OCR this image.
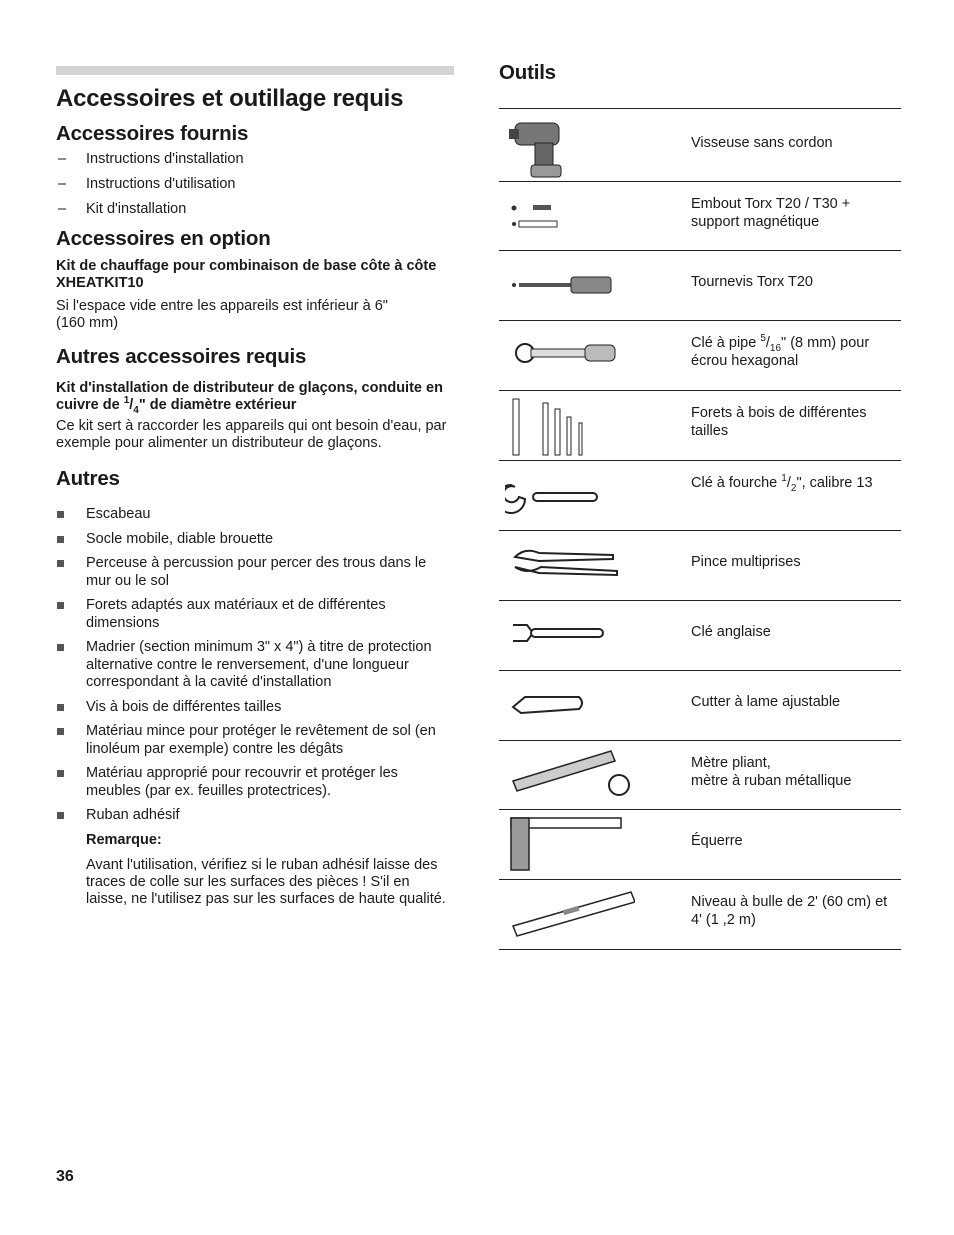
Accessoires et outillage requis
Accessoires fournis
– Instructions d'installation
– Instructions d'utilisation
– Kit d'installation
Accessoires en option

Kit de chauffage pour combinaison de base côte à côte
XHEATKIT10

Si l'espace vide entre les appareils est inférieur à 6" (160 mm)

Autres accessoires requis

Kit d'installation de distributeur de glaçons, conduite en cuivre de $^1/_4$" de diamètre extérieur

Ce kit sert à raccorder les appareils qui ont besoin d'eau, par exemple pour alimenter un distributeur de glaçons.

Autres
Escabeau
Socle mobile, diable brouette
Perceuse à percussion pour percer des trous dans le mur ou le sol
Forets adaptés aux matériaux et de différentes dimensions
Madrier (section minimum 3" x 4") à titre de protection alternative contre le renversement, d'une longueur correspondant à la cavité d'installation
Vis à bois de différentes tailles
Matériau mince pour protéger le revêtement de sol (en linoléum par exemple) contre les dégâts
Matériau approprié pour recouvrir et protéger les meubles (par ex. feuilles protectrices).
Ruban adhésif

Remarque:

Avant l'utilisation, vérifiez si le ruban adhésif laisse des traces de colle sur les surfaces des pièces ! S'il en laisse, ne l'utilisez pas sur les surfaces de haute qualité.

Outils
Visseuse sans cordon
Embout Torx T20 / T30 + support magnétique
Tournevis Torx T20
Clé à pipe $^5/_{16}$" (8 mm) pour écrou hexagonal
Forets à bois de différentes tailles
Clé à fourche $^1/_2$", calibre 13
Pince multiprises
Clé anglaise
Cutter à lame ajustable
Mètre pliant,
mètre à ruban métallique
Équerre
Niveau à bulle de 2' (60 cm) et 4' (1 ,2 m)
36
